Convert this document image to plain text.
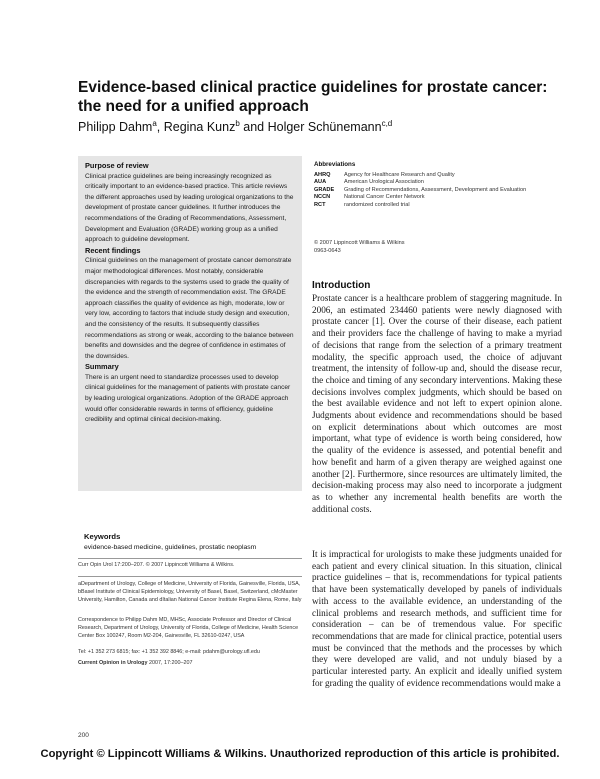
Evidence-based clinical practice guidelines for prostate cancer: the need for a unified approach
Philipp Dahm$^a$, Regina Kunz$^b$ and Holger Schünemann$^{c,d}$
Purpose of review

Clinical practice guidelines are being increasingly recognized as critically important to an evidence-based practice. This article reviews the different approaches used by leading urological organizations to the development of prostate cancer guidelines. It further introduces the recommendations of the Grading of Recommendations, Assessment, Development and Evaluation (GRADE) working group as a unified approach to guideline development.

Recent findings

Clinical guidelines on the management of prostate cancer demonstrate major methodological differences. Most notably, considerable discrepancies with regards to the systems used to grade the quality of the evidence and the strength of recommendation exist. The GRADE approach classifies the quality of evidence as high, moderate, low or very low, according to factors that include study design and execution, and the consistency of the results. It subsequently classifies recommendations as strong or weak, according to the balance between benefits and downsides and the degree of confidence in estimates of the downsides.

Summary

There is an urgent need to standardize processes used to develop clinical guidelines for the management of patients with prostate cancer by leading urological organizations. Adoption of the GRADE approach would offer considerable rewards in terms of efficiency, guideline credibility and optimal clinical decision-making.

Keywords

evidence-based medicine, guidelines, prostatic neoplasm

Curr Opin Urol 17:200–207. © 2007 Lippincott Williams & Wilkins.

aDepartment of Urology, College of Medicine, University of Florida, Gainesville, Florida, USA, bBasel Institute of Clinical Epidemiology, University of Basel, Basel, Switzerland, cMcMaster University, Hamilton, Canada and dItalian National Cancer Institute Regina Elena, Rome, Italy

Correspondence to Philipp Dahm MD, MHSc, Associate Professor and Director of Clinical Research, Department of Urology, University of Florida, College of Medicine, Health Science Center Box 100247, Room M2-204, Gainesville, FL 32610-0247, USA

Tel: +1 352 273 6815; fax: +1 352 392 8846; e-mail: pdahm@urology.ufl.edu

Current Opinion in Urology 2007, 17:200–207

Abbreviations
AHRQ	Agency for Healthcare Research and Quality
AUA	American Urological Association
GRADE	Grading of Recommendations, Assessment, Development and Evaluation
NCCN	National Cancer Center Network
RCT	randomized controlled trial
© 2007 Lippincott Williams & Wilkins
0963-0643
Introduction

Prostate cancer is a healthcare problem of staggering magnitude. In 2006, an estimated 234460 patients were newly diagnosed with prostate cancer [1]. Over the course of their disease, each patient and their providers face the challenge of having to make a myriad of decisions that range from the selection of a primary treatment modality, the specific approach used, the choice of adjuvant treatment, the intensity of follow-up and, should the disease recur, the choice and timing of any secondary interventions. Making these decisions involves complex judgments, which should be based on the best available evidence and not left to expert opinion alone. Judgments about evidence and recommendations should be based on explicit determinations about which outcomes are most important, what type of evidence is worth being considered, how the quality of the evidence is assessed, and potential benefit and how benefit and harm of a given therapy are weighed against one another [2]. Furthermore, since resources are ultimately limited, the decision-making process may also need to incorporate a judgment as to whether any incremental health benefits are worth the additional costs.

It is impractical for urologists to make these judgments unaided for each patient and every clinical situation. In this situation, clinical practice guidelines – that is, recommendations for typical patients that have been systematically developed by panels of individuals with access to the available evidence, an understanding of the clinical problems and research methods, and sufficient time for consideration – can be of tremendous value. For specific recommendations that are made for clinical practice, potential users must be convinced that the methods and the processes by which they were developed are valid, and not unduly biased by a particular interested party. An explicit and ideally unified system for grading the quality of evidence recommendations would make a

200
Copyright © Lippincott Williams & Wilkins. Unauthorized reproduction of this article is prohibited.
